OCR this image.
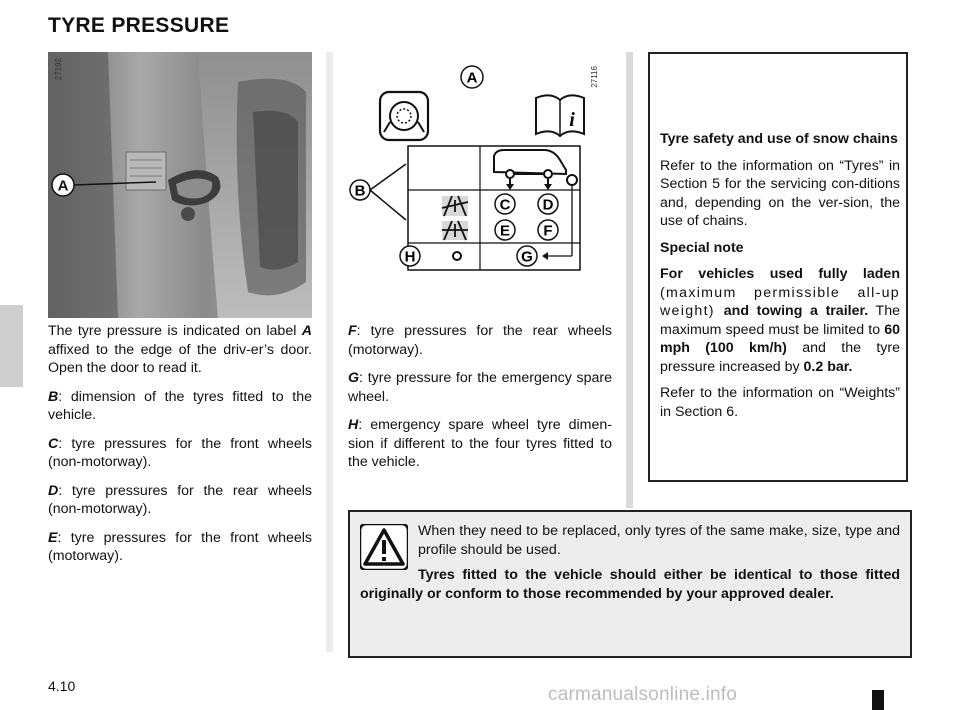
TYRE PRESSURE
27192
A
27116
A
i
C D
E F
G
H
B

The tyre pressure is indicated on label A affixed to the edge of the driv-er’s door. Open the door to read it.

B: dimension of the tyres fitted to the vehicle.

C: tyre pressures for the front wheels (non-motorway).

D: tyre pressures for the rear wheels (non-motorway).

E: tyre pressures for the front wheels (motorway).

F: tyre pressures for the rear wheels (motorway).

G: tyre pressure for the emergency spare wheel.

H: emergency spare wheel tyre dimen-sion if different to the four tyres fitted to the vehicle.

Tyre safety and use of snow chains

Refer to the information on “Tyres” in Section 5 for the servicing con-ditions and, depending on the ver-sion, the use of chains.

Special note

For vehicles used fully laden (maximum permissible all-up weight) and towing a trailer. The maximum speed must be limited to 60 mph (100 km/h) and the tyre pressure increased by 0.2 bar.

Refer to the information on “Weights” in Section 6.

When they need to be replaced, only tyres of the same make, size, type and profile should be used.

Tyres fitted to the vehicle should either be identical to those fitted originally or conform to those recommended by your approved dealer.

4.10	carmanualsonline.info
